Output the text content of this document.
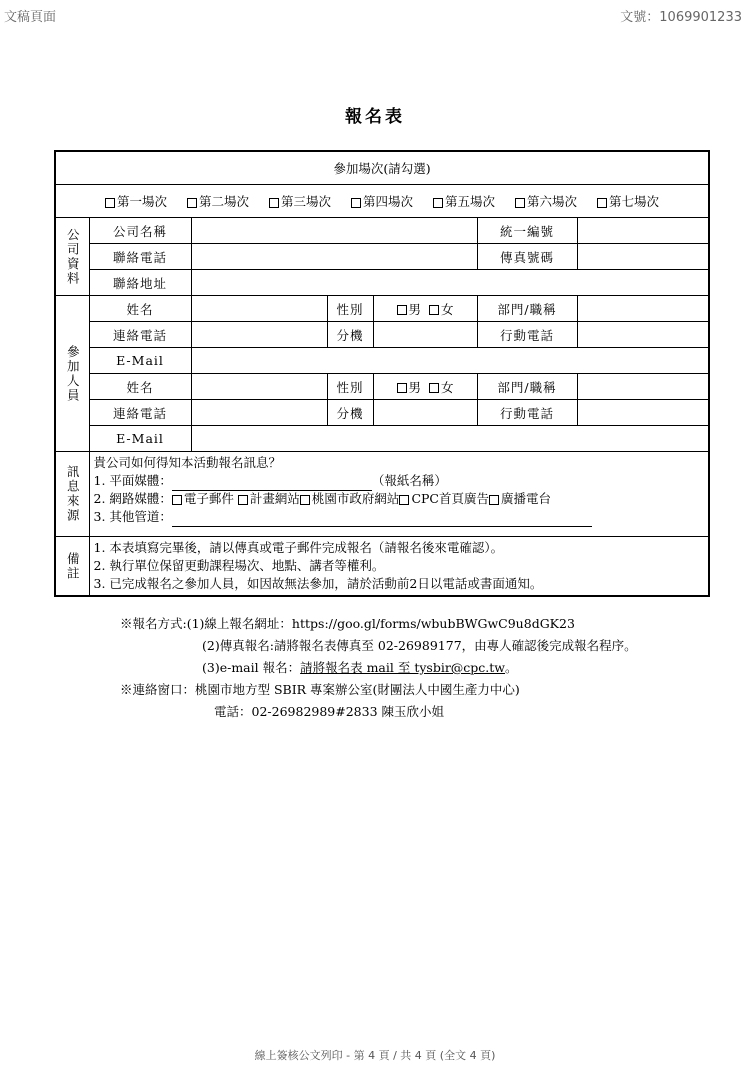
文稿頁面	文號：1069901233
報名表
參加場次(請勾選)						
第一場次 第二場次 第三場次 第四場次 第五場次 第六場次 第七場次						
公司資料	公司名稱				統一編號	
	聯絡電話				傳真號碼	
	聯絡地址					
參加人員	姓名		性別	男 女	部門/職稱	
	連絡電話		分機		行動電話	
	E-Mail					
	姓名		性別	男 女	部門/職稱	
	連絡電話		分機		行動電話	
	E-Mail					
訊息來源	貴公司如何得知本活動報名訊息？
1. 平面媒體： （報紙名稱）
2. 網路媒體： 電子郵件 計畫網站 桃園市政府網站 CPC首頁廣告 廣播電台
3. 其他管道：					

備註	1. 本表填寫完畢後，請以傳真或電子郵件完成報名（請報名後來電確認）。
2. 執行單位保留更動課程場次、地點、講者等權利。
3. 已完成報名之參加人員，如因故無法參加，請於活動前2日以電話或書面通知。					
※報名方式:(1)線上報名網址：https://goo.gl/forms/wbubBWGwC9u8dGK23
(2)傳真報名:請將報名表傳真至 02-26989177，由專人確認後完成報名程序。
(3)e-mail 報名：請將報名表 mail 至 tysbir@cpc.tw。
※連絡窗口：桃園市地方型 SBIR 專案辦公室(財團法人中國生產力中心)
電話：02-26982989#2833 陳玉欣小姐
線上簽核公文列印 - 第 4 頁 / 共 4 頁 (全文 4 頁)
